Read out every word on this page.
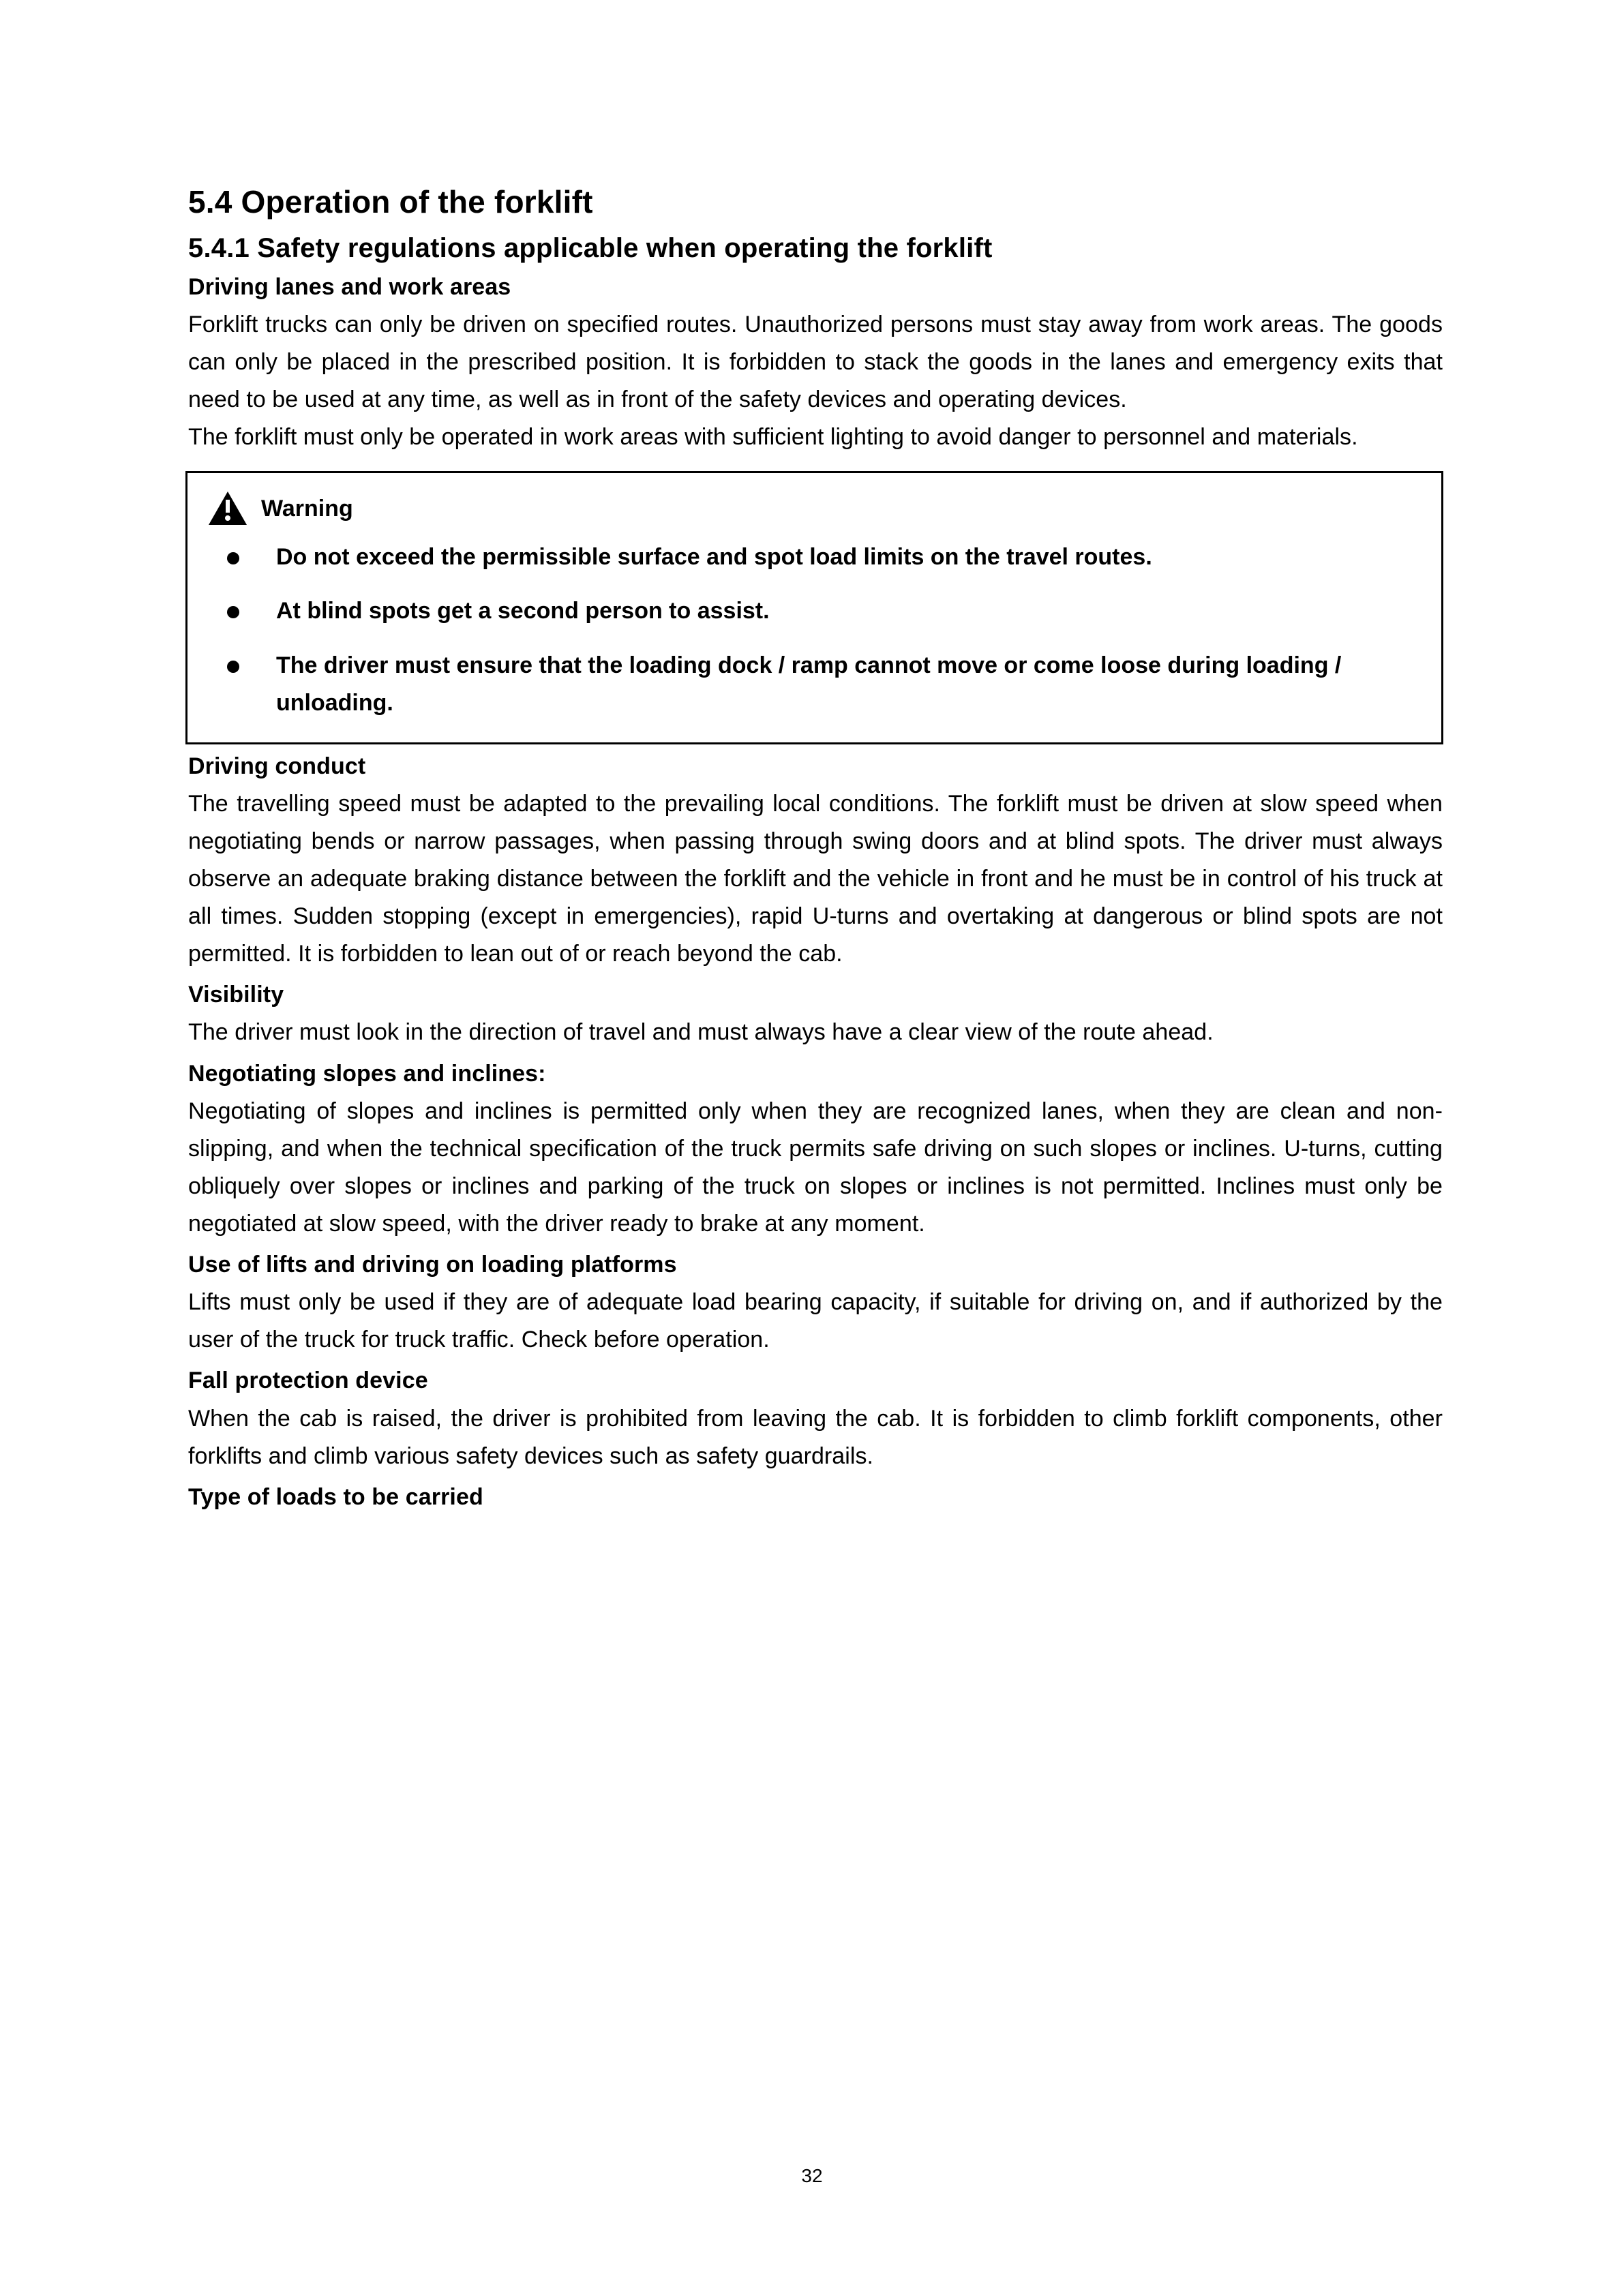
5.4 Operation of the forklift
5.4.1 Safety regulations applicable when operating the forklift
Driving lanes and work areas

Forklift trucks can only be driven on specified routes. Unauthorized persons must stay away from work areas. The goods can only be placed in the prescribed position. It is forbidden to stack the goods in the lanes and emergency exits that need to be used at any time, as well as in front of the safety devices and operating devices.

The forklift must only be operated in work areas with sufficient lighting to avoid danger to personnel and materials.

Warning
Do not exceed the permissible surface and spot load limits on the travel routes.
At blind spots get a second person to assist.
The driver must ensure that the loading dock / ramp cannot move or come loose during loading / unloading.
Driving conduct

The travelling speed must be adapted to the prevailing local conditions. The forklift must be driven at slow speed when negotiating bends or narrow passages, when passing through swing doors and at blind spots. The driver must always observe an adequate braking distance between the forklift and the vehicle in front and he must be in control of his truck at all times. Sudden stopping (except in emergencies), rapid U-turns and overtaking at dangerous or blind spots are not permitted. It is forbidden to lean out of or reach beyond the cab.

Visibility

The driver must look in the direction of travel and must always have a clear view of the route ahead.

Negotiating slopes and inclines:

Negotiating of slopes and inclines is permitted only when they are recognized lanes, when they are clean and non-slipping, and when the technical specification of the truck permits safe driving on such slopes or inclines. U-turns, cutting obliquely over slopes or inclines and parking of the truck on slopes or inclines is not permitted. Inclines must only be negotiated at slow speed, with the driver ready to brake at any moment.

Use of lifts and driving on loading platforms

Lifts must only be used if they are of adequate load bearing capacity, if suitable for driving on, and if authorized by the user of the truck for truck traffic. Check before operation.

Fall protection device

When the cab is raised, the driver is prohibited from leaving the cab. It is forbidden to climb forklift components, other forklifts and climb various safety devices such as safety guardrails.

Type of loads to be carried
32
